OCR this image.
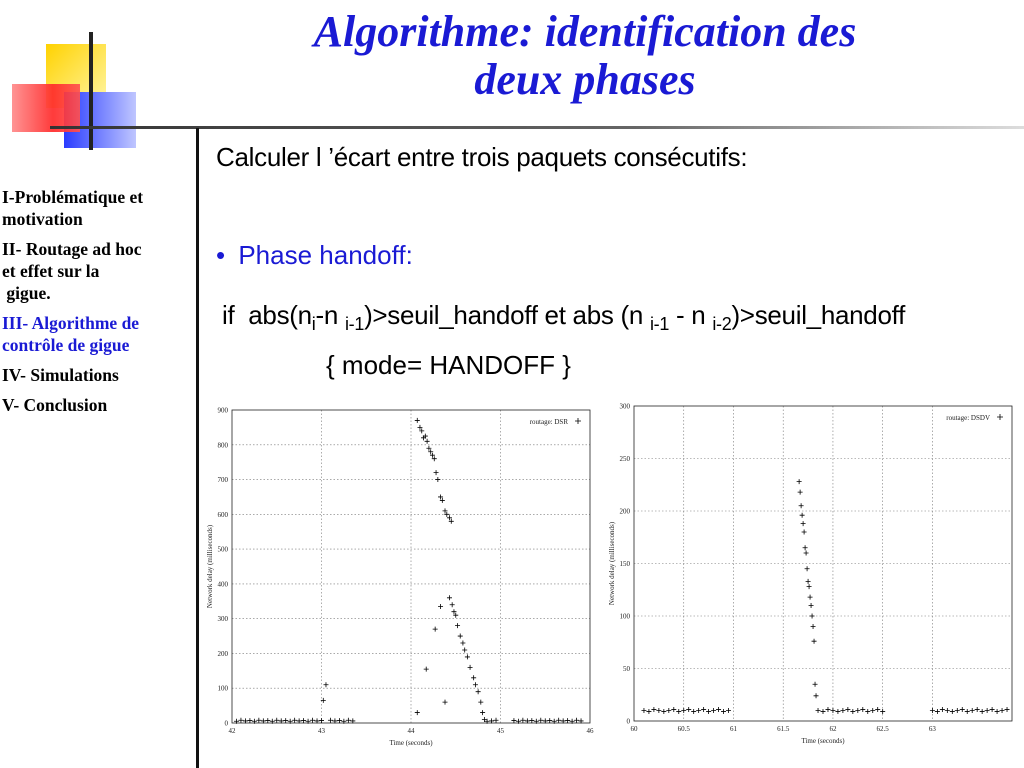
Algorithme: identification des
deux phases
I-Problématique et
motivation
II- Routage ad hoc
et effet sur la
gigue.
III- Algorithme de
contrôle de gigue
IV- Simulations
V- Conclusion
Calculer l ’écart entre trois paquets consécutifs:
• Phase handoff:
if  $abs(n_i-n$ $_{i-1}$)>seuil_handoff et abs (n $_{i-1}$ - n $_{i-2}$)>seuil_handoff
{ mode= HANDOFF }
42	43	44	45	46
0
100
200
300
400
500
600
700
800
900
Time (seconds)
Network delay (milliseconds)
routage: DSR
60	60.5	61	61.5	62	62.5	63
0
50
100
150
200
250
300
Time (seconds)
Network delay (milliseconds)
routage: DSDV
